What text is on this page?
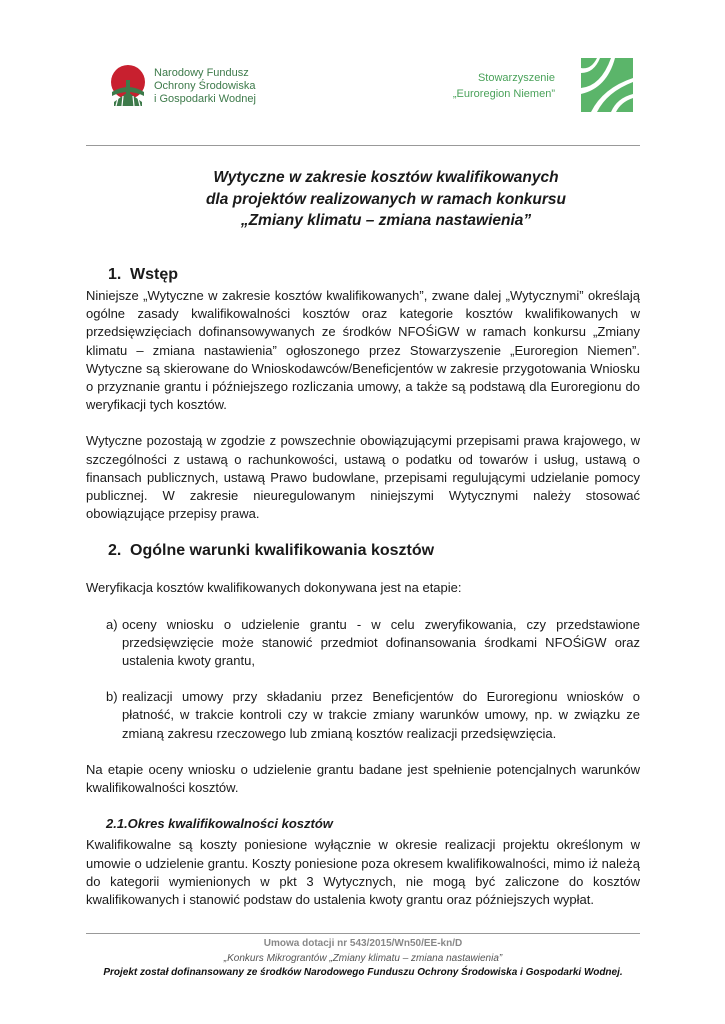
Narodowy Fundusz
Ochrony Środowiska
i Gospodarki Wodnej
Stowarzyszenie
„Euroregion Niemen”
Wytyczne w zakresie kosztów kwalifikowanych
dla projektów realizowanych w ramach konkursu
„Zmiany klimatu – zmiana nastawienia”
1. Wstęp

Niniejsze „Wytyczne w zakresie kosztów kwalifikowanych”, zwane dalej „Wytycznymi” określają ogólne zasady kwalifikowalności kosztów oraz kategorie kosztów kwalifikowanych w przedsięwzięciach dofinansowywanych ze środków NFOŚiGW w ramach konkursu „Zmiany klimatu – zmiana nastawienia” ogłoszonego przez Stowarzyszenie „Euroregion Niemen”. Wytyczne są skierowane do Wnioskodawców/Beneficjentów w zakresie przygotowania Wniosku o przyznanie grantu i późniejszego rozliczania umowy, a także są podstawą dla Euroregionu do weryfikacji tych kosztów.

Wytyczne pozostają w zgodzie z powszechnie obowiązującymi przepisami prawa krajowego, w szczególności z ustawą o rachunkowości, ustawą o podatku od towarów i usług, ustawą o finansach publicznych, ustawą Prawo budowlane, przepisami regulującymi udzielanie pomocy publicznej. W zakresie nieuregulowanym niniejszymi Wytycznymi należy stosować obowiązujące przepisy prawa.

2. Ogólne warunki kwalifikowania kosztów

Weryfikacja kosztów kwalifikowanych dokonywana jest na etapie:

a) oceny wniosku o udzielenie grantu - w celu zweryfikowania, czy przedstawione przedsięwzięcie może stanowić przedmiot dofinansowania środkami NFOŚiGW oraz ustalenia kwoty grantu,
b) realizacji umowy przy składaniu przez Beneficjentów do Euroregionu wniosków o płatność, w trakcie kontroli czy w trakcie zmiany warunków umowy, np. w związku ze zmianą zakresu rzeczowego lub zmianą kosztów realizacji przedsięwzięcia.

Na etapie oceny wniosku o udzielenie grantu badane jest spełnienie potencjalnych warunków kwalifikowalności kosztów.

2.1.Okres kwalifikowalności kosztów

Kwalifikowalne są koszty poniesione wyłącznie w okresie realizacji projektu określonym w umowie o udzielenie grantu. Koszty poniesione poza okresem kwalifikowalności, mimo iż należą do kategorii wymienionych w pkt 3 Wytycznych, nie mogą być zaliczone do kosztów kwalifikowanych i stanowić podstaw do ustalenia kwoty grantu oraz późniejszych wypłat.

Umowa dotacji nr 543/2015/Wn50/EE-kn/D
„Konkurs Mikrograntów „Zmiany klimatu – zmiana nastawienia”
Projekt został dofinansowany ze środków Narodowego Funduszu Ochrony Środowiska i Gospodarki Wodnej.
